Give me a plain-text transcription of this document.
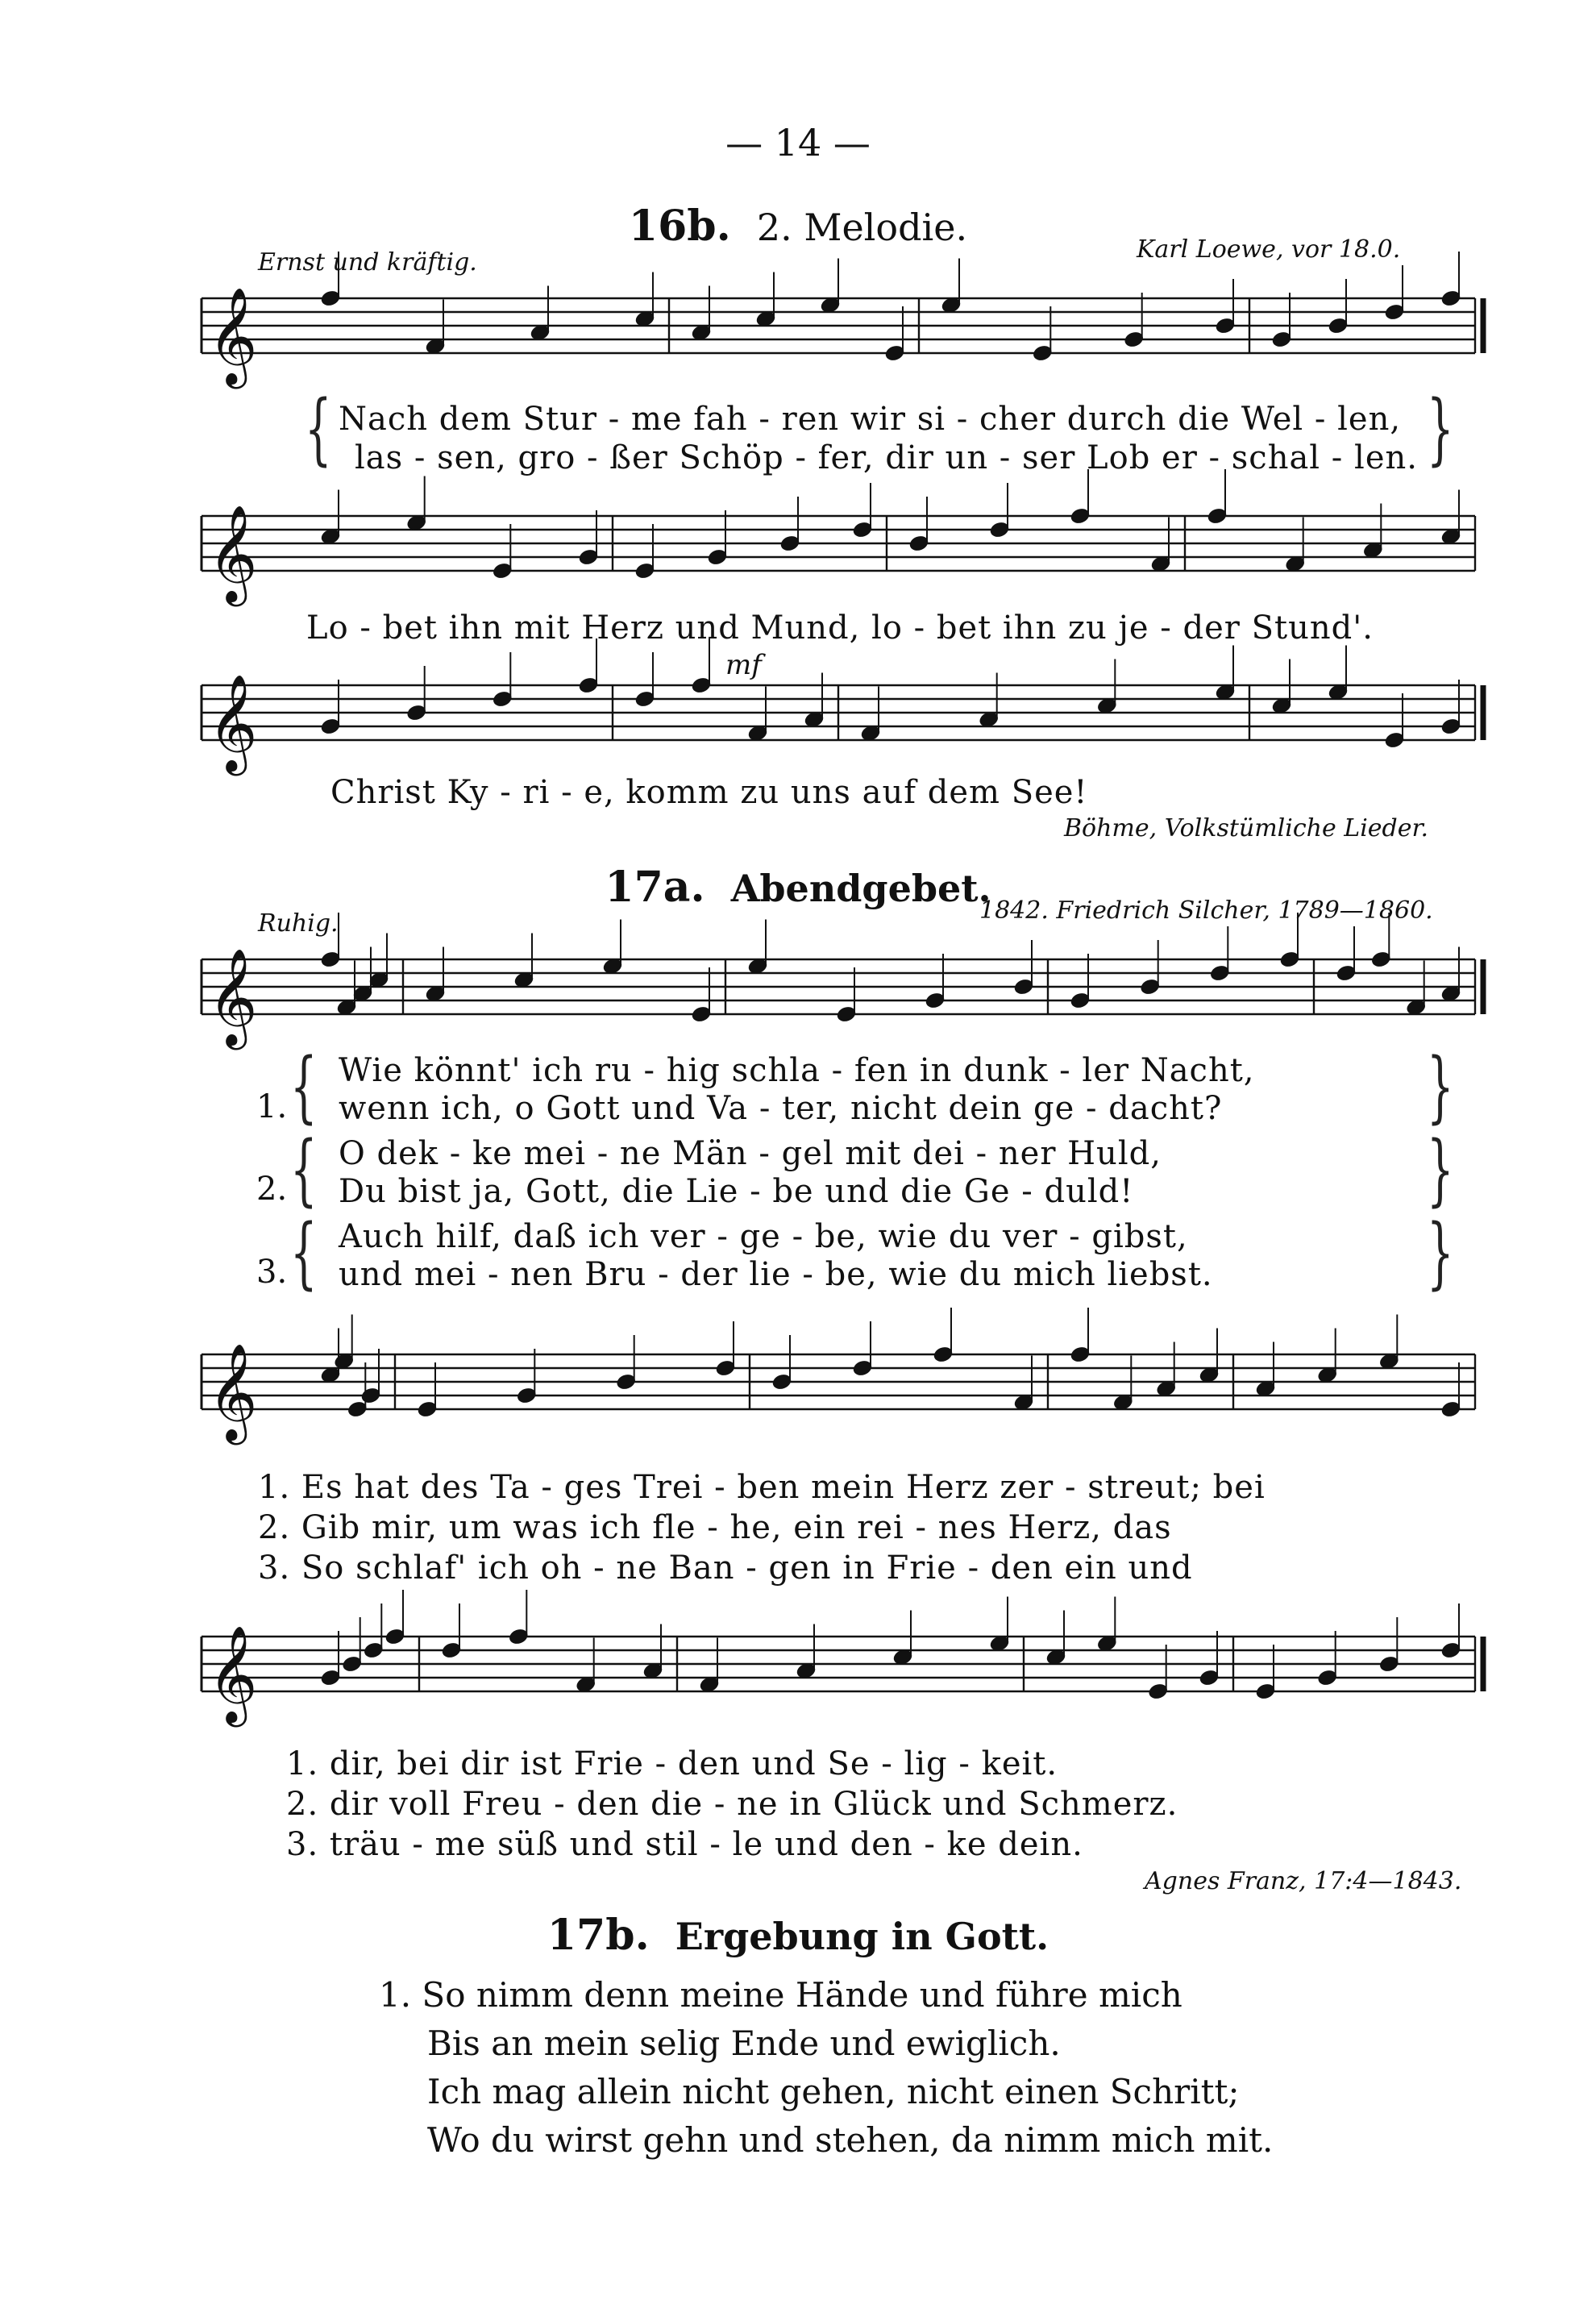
— 14 —
16b. 2. Melodie.
Ernst und kräftig.	Karl Loewe, vor 18.0.
𝄞
𝄞
𝄞
𝄞
𝄞
𝄞
{ Nach dem Stur - me fah - ren wir si - cher durch die Wel - len,
las - sen, gro - ßer Schöp - fer, dir un - ser Lob er - schal - len. }
Lo - bet ihn mit Herz und Mund, lo - bet ihn zu je - der Stund'.
mf
Christ Ky - ri - e, komm zu uns auf dem See!
Böhme, Volkstümliche Lieder.
17a. Abendgebet.
Ruhig.	1842. Friedrich Silcher, 1789—1860.
1. { Wie könnt' ich ru - hig schla - fen in dunk - ler Nacht,
wenn ich, o Gott und Va - ter, nicht dein ge - dacht?	}
2. { O dek - ke mei - ne Män - gel mit dei - ner Huld,
Du bist ja, Gott, die Lie - be und die Ge - duld!	}
3. { Auch hilf, daß ich ver - ge - be, wie du ver - gibst,
und mei - nen Bru - der lie - be, wie du mich liebst.	}
1. Es hat des Ta - ges Trei - ben mein Herz zer - streut; bei
2. Gib mir, um was ich fle - he, ein rei - nes Herz, das
3. So schlaf' ich oh - ne Ban - gen in Frie - den ein und
1. dir, bei dir ist Frie - den und Se - lig - keit.
2. dir voll Freu - den die - ne in Glück und Schmerz.
3. träu - me süß und stil - le und den - ke dein.
Agnes Franz, 17:4—1843.
17b. Ergebung in Gott.
1. So nimm denn meine Hände und führe mich
Bis an mein selig Ende und ewiglich.
Ich mag allein nicht gehen, nicht einen Schritt;
Wo du wirst gehn und stehen, da nimm mich mit.
